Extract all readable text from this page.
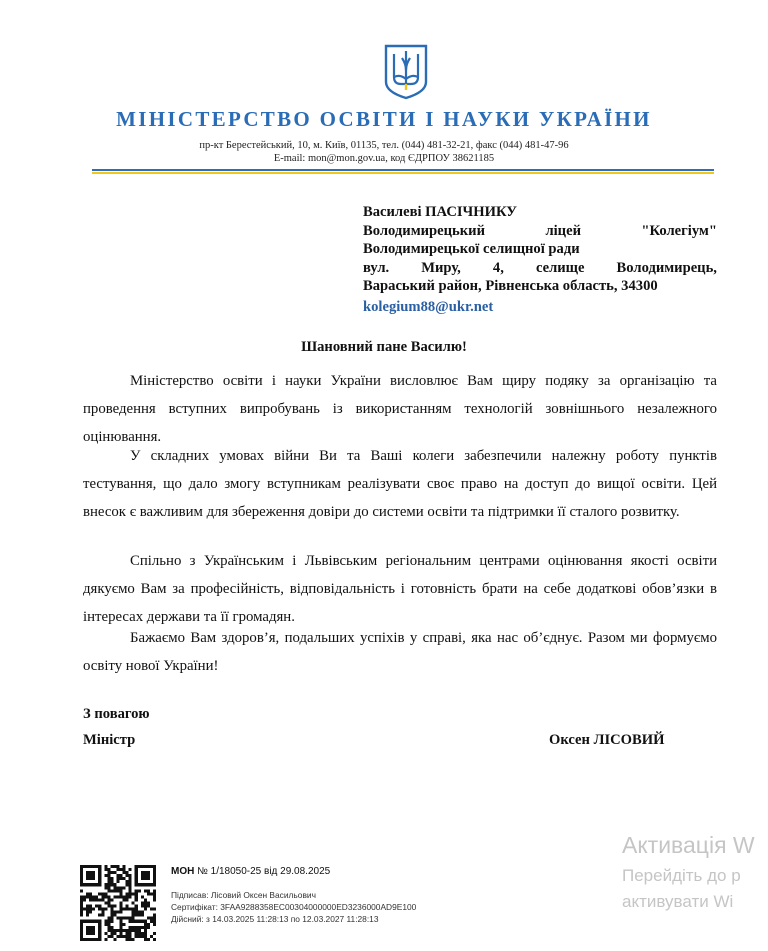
МІНІСТЕРСТВО ОСВІТИ І НАУКИ УКРАЇНИ
пр-кт Берестейський, 10, м. Київ, 01135, тел. (044) 481-32-21, факс (044) 481-47-96
E-mail: mon@mon.gov.ua, код ЄДРПОУ 38621185
Василеві ПАСІЧНИКУ
Володимирецький	ліцей	"Колегіум"
Володимирецької селищної ради
вул. Миру, 4, селище Володимирець,
Вараський район, Рівненська область, 34300
kolegium88@ukr.net
Шановний пане Василю!

Міністерство освіти і науки України висловлює Вам щиру подяку за організацію та проведення вступних випробувань із використанням технологій зовнішнього незалежного оцінювання.

У складних умовах війни Ви та Ваші колеги забезпечили належну роботу пунктів тестування, що дало змогу вступникам реалізувати своє право на доступ до вищої освіти. Цей внесок є важливим для збереження довіри до системи освіти та підтримки її сталого розвитку.

Спільно з Українським і Львівським регіональним центрами оцінювання якості освіти дякуємо Вам за професійність, відповідальність і готовність брати на себе додаткові обов’язки в інтересах держави та її громадян.

Бажаємо Вам здоров’я, подальших успіхів у справі, яка нас об’єднує. Разом ми формуємо освіту нової України!

З повагою
Міністр	Оксен ЛІСОВИЙ
МОН № 1/18050-25 від 29.08.2025
Підписав: Лісовий Оксен Васильович
Сертифікат: 3FAA9288358EC00304000000ED3236000AD9E100
Дійсний: з 14.03.2025 11:28:13 по 12.03.2027 11:28:13
Активація W
Перейдіть до р
активувати Wi
